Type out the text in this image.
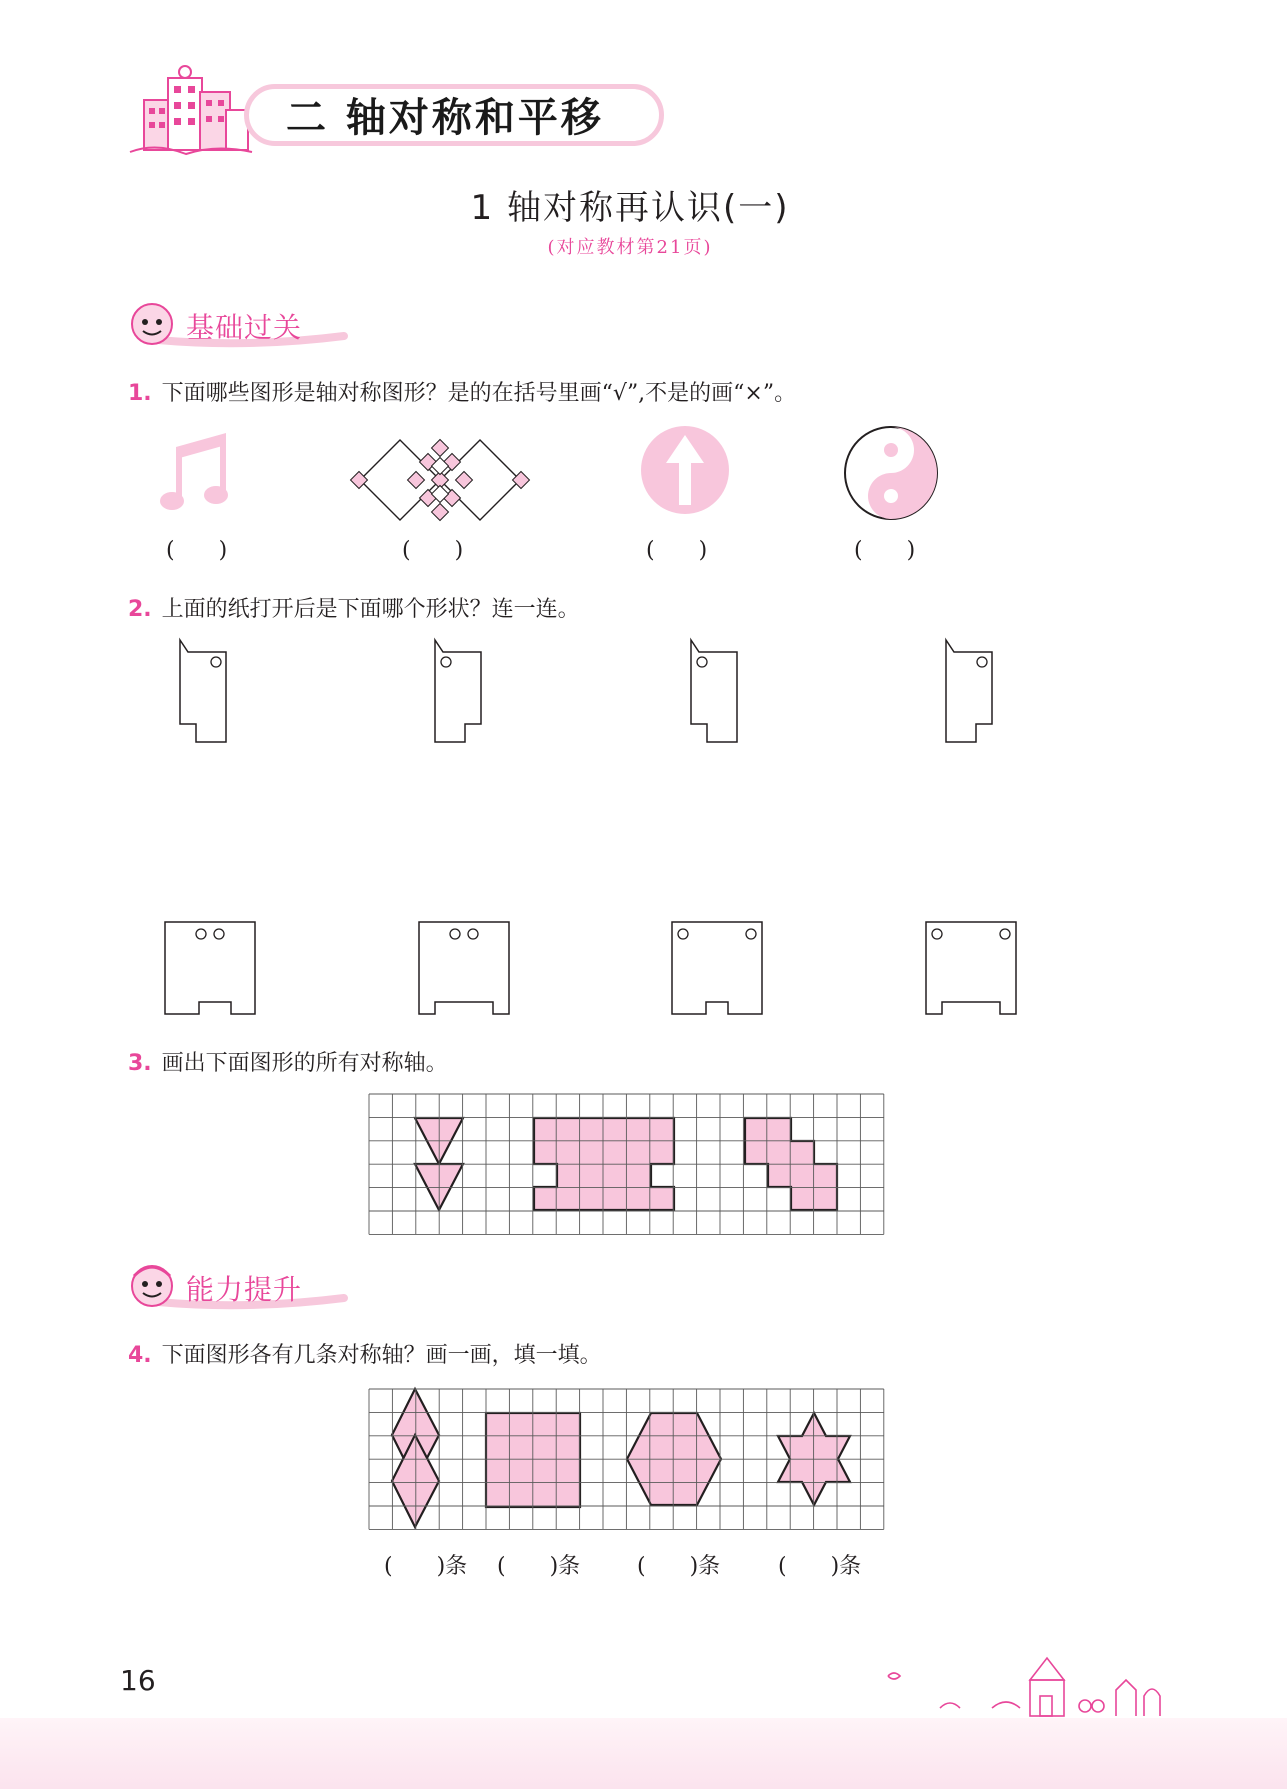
二 轴对称和平移
1 轴对称再认识(一)
(对应教材第21页)
基础过关
1. 下面哪些图形是轴对称图形？是的在括号里画“√”,不是的画“×”。
(　　)	(　　)	(　　)	(　　)
2. 上面的纸打开后是下面哪个形状？连一连。
3. 画出下面图形的所有对称轴。
能力提升
4. 下面图形各有几条对称轴？画一画，填一填。
(　　)条 (　　)条	(　　)条	(　　)条
16
